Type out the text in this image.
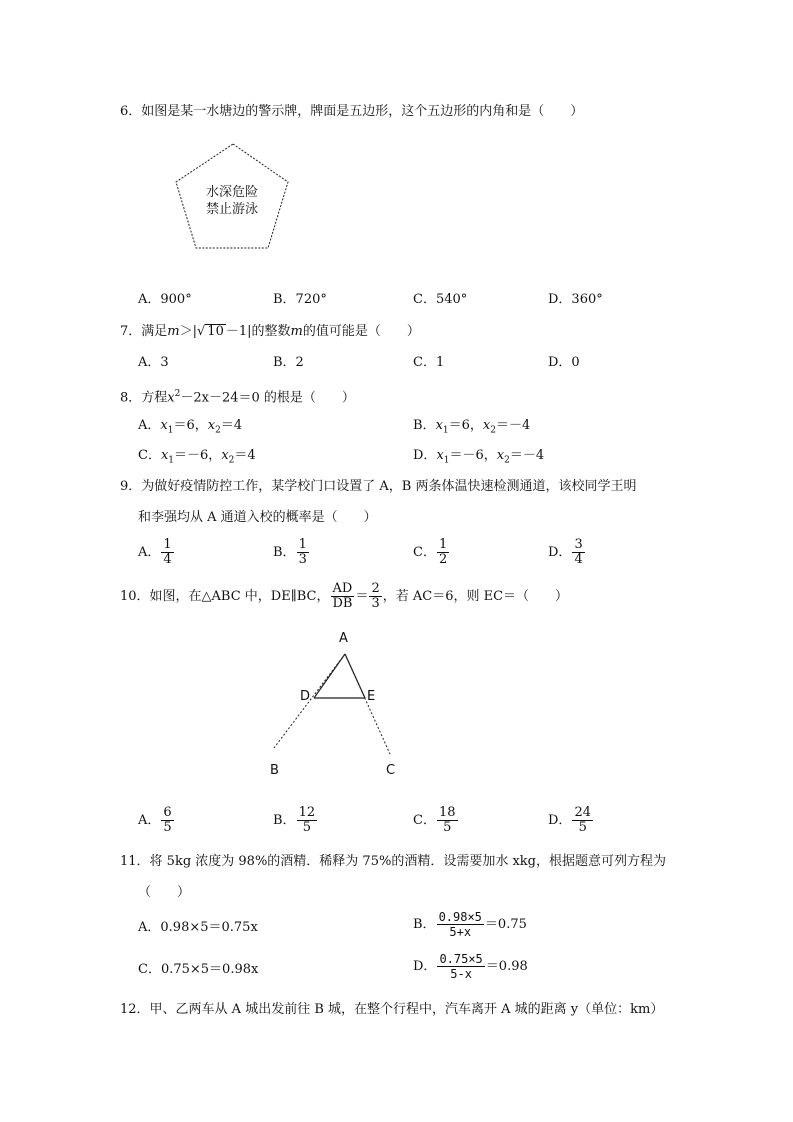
6．如图是某一水塘边的警示牌，牌面是五边形，这个五边形的内角和是（　　）
水深危险
禁止游泳
A．900°	B．720°	C．540°	D．360°
7．满足m＞|√ 10 －1|的整数m的值可能是（　　）
A．3	B．2	C．1	D．0
8．方程$x^2-2x-24=0$ 的根是（　　）
A．$x_1=6$，$x_2=4$	B．$x_1=6$，$x_2=-4$
C．$x_1=-6$，$x_2=4$	D．$x_1=-6$，$x_2=-4$
9．为做好疫情防控工作，某学校门口设置了 A，B 两条体温快速检测通道，该校同学王明
和李强均从 A 通道入校的概率是（　　）
A． $\frac{1}{4}$	B． $\frac{1}{3}$	C． $\frac{1}{2}$	D． $\frac{3}{4}$
10．如图，在△ABC 中，DE∥BC， $\frac{AD}{DB} = \frac{2}{3}$ ，若 AC＝6，则 EC＝（　　）
A
D	E
B	C
A． $\frac{6}{5}$	B． $\frac{12}{5}$	C． $\frac{18}{5}$	D． $\frac{24}{5}$
11．将 5kg 浓度为 98%的酒精．稀释为 75%的酒精．设需要加水 xkg，根据题意可列方程为
（　　）
A．0.98×5＝0.75x	B． $\frac{0.98\times 5}{5+x} =0.75$
C．0.75×5＝0.98x	D． $\frac{0.75\times 5}{5-x} =0.98$
12．甲、乙两车从 A 城出发前往 B 城，在整个行程中，汽车离开 A 城的距离 y（单位：km）
